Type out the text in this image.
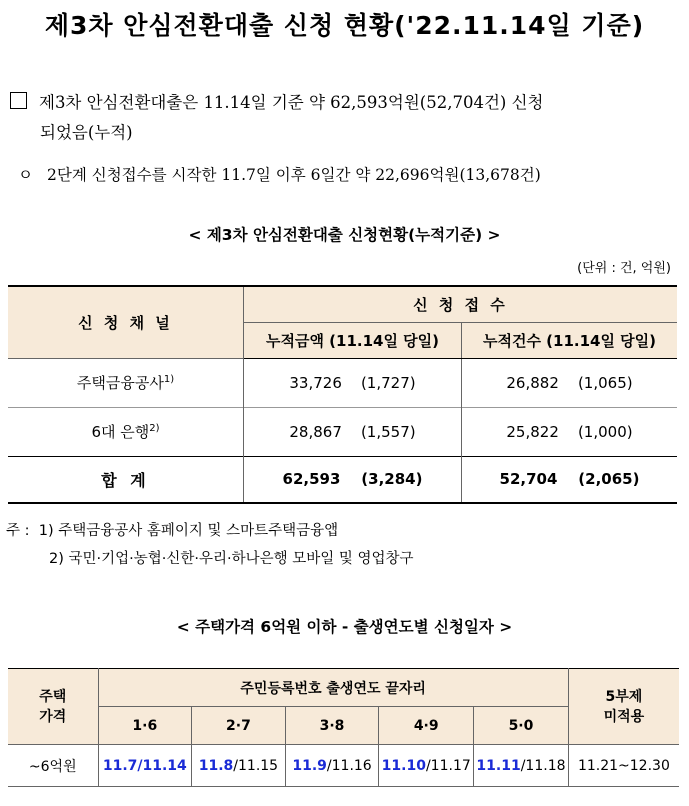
제3차 안심전환대출 신청 현황('22.11.14일 기준)
제3차 안심전환대출은 11.14일 기준 약 62,593억원(52,704건) 신청
되었음(누적)
ㅇ 2단계 신청접수를 시작한 11.7일 이후 6일간 약 22,696억원(13,678건)
< 제3차 안심전환대출 신청현황(누적기준) >
(단위 : 건, 억원)
신 청 채 널	신 청 접 수	
	누적금액 (11.14일 당일)	누적건수 (11.14일 당일)
주택금융공사$^{1)}$	33,726 (1,727)	26,882 (1,065)
6대 은행$^{2)}$	28,867 (1,557)	25,822 (1,000)
합 계	62,593 (3,284)	52,704 (2,065)
주 : 1) 주택금융공사 홈페이지 및 스마트주택금융앱
2) 국민·기업·농협·신한·우리·하나은행 모바일 및 영업창구
< 주택가격 6억원 이하 - 출생연도별 신청일자 >
주택
가격	주민등록번호 출생연도 끝자리					5부제
미적용
	1·6	2·7	3·8	4·9	5·0	
~6억원	11.7/11.14	11.8/11.15	11.9/11.16	11.10/11.17	11.11/11.18	11.21~12.30
